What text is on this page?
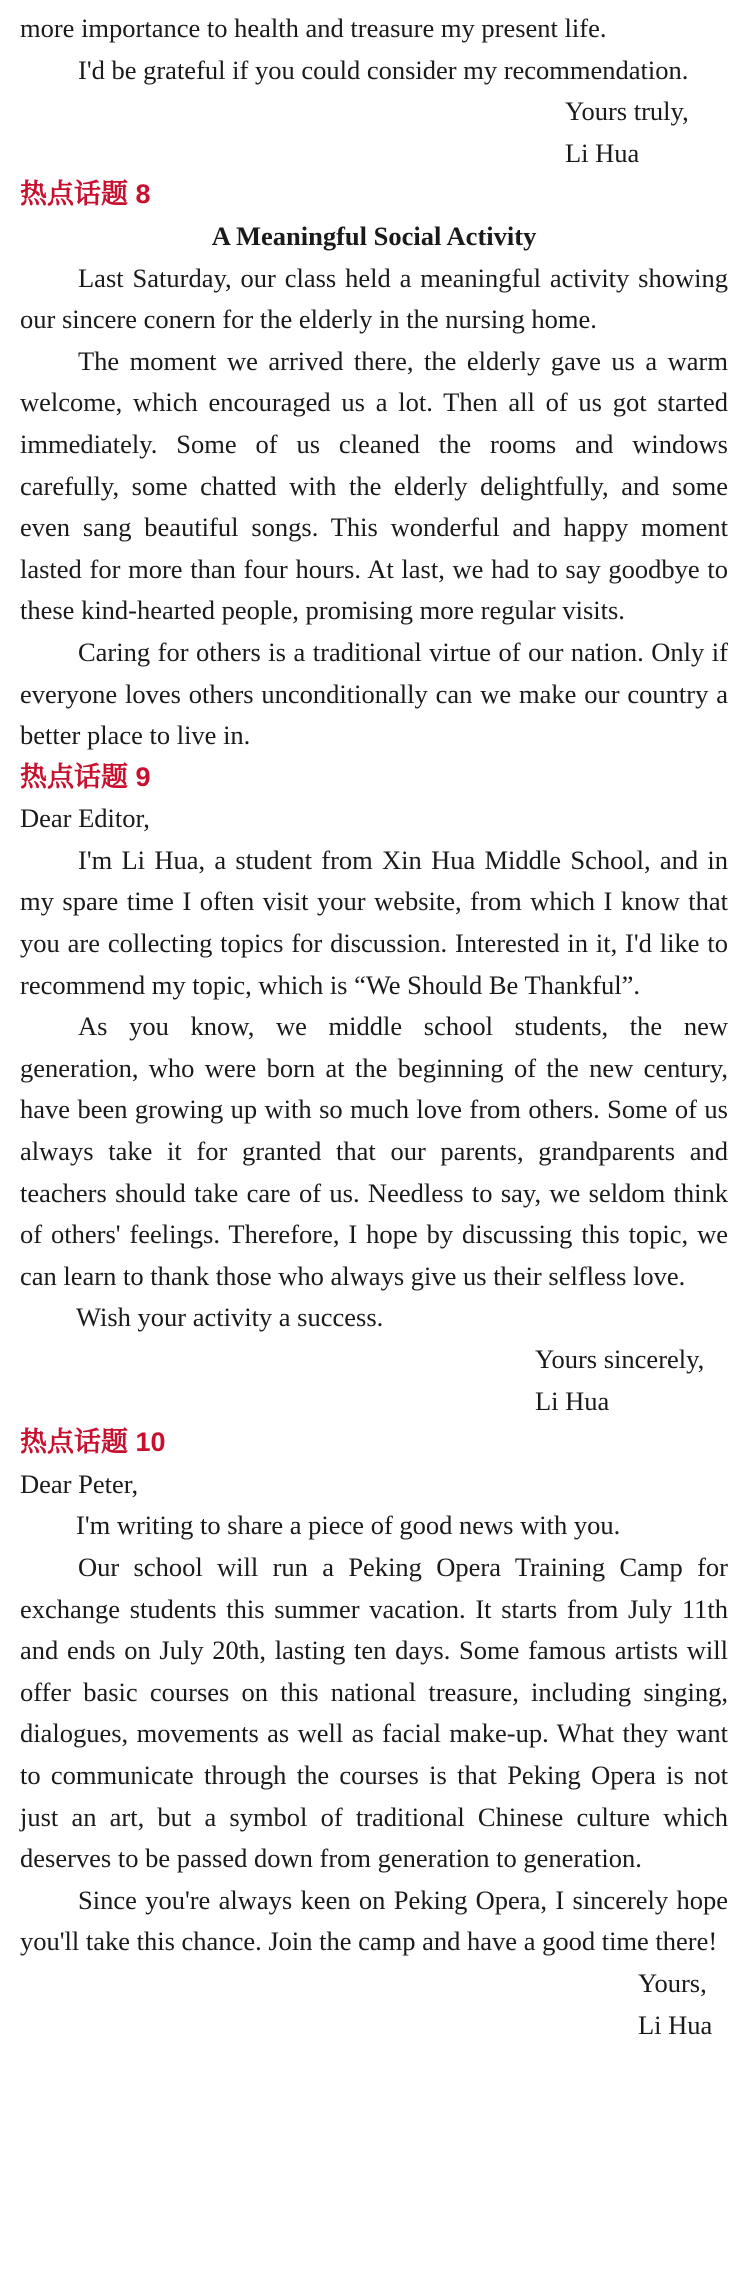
more importance to health and treasure my present life.

I'd be grateful if you could consider my recommendation.

Yours truly,

Li Hua

热点话题 8

A Meaningful Social Activity

Last Saturday, our class held a meaningful activity showing our sincere conern for the elderly in the nursing home.

The moment we arrived there, the elderly gave us a warm welcome, which encouraged us a lot. Then all of us got started immediately. Some of us cleaned the rooms and windows carefully, some chatted with the elderly delightfully, and some even sang beautiful songs. This wonderful and happy moment lasted for more than four hours. At last, we had to say goodbye to these kind-hearted people, promising more regular visits.

Caring for others is a traditional virtue of our nation. Only if everyone loves others unconditionally can we make our country a better place to live in.

热点话题 9

Dear Editor,

I'm Li Hua, a student from Xin Hua Middle School, and in my spare time I often visit your website, from which I know that you are collecting topics for discussion. Interested in it, I'd like to recommend my topic, which is “We Should Be Thankful”.

As you know, we middle school students, the new generation, who were born at the beginning of the new century, have been growing up with so much love from others. Some of us always take it for granted that our parents, grandparents and teachers should take care of us. Needless to say, we seldom think of others' feelings. Therefore, I hope by discussing this topic, we can learn to thank those who always give us their selfless love.

Wish your activity a success.

Yours sincerely,

Li Hua

热点话题 10

Dear Peter,

I'm writing to share a piece of good news with you.

Our school will run a Peking Opera Training Camp for exchange students this summer vacation. It starts from July 11th and ends on July 20th, lasting ten days. Some famous artists will offer basic courses on this national treasure, including singing, dialogues, movements as well as facial make-up. What they want to communicate through the courses is that Peking Opera is not just an art, but a symbol of traditional Chinese culture which deserves to be passed down from generation to generation.

Since you're always keen on Peking Opera, I sincerely hope you'll take this chance. Join the camp and have a good time there!

Yours,

Li Hua
